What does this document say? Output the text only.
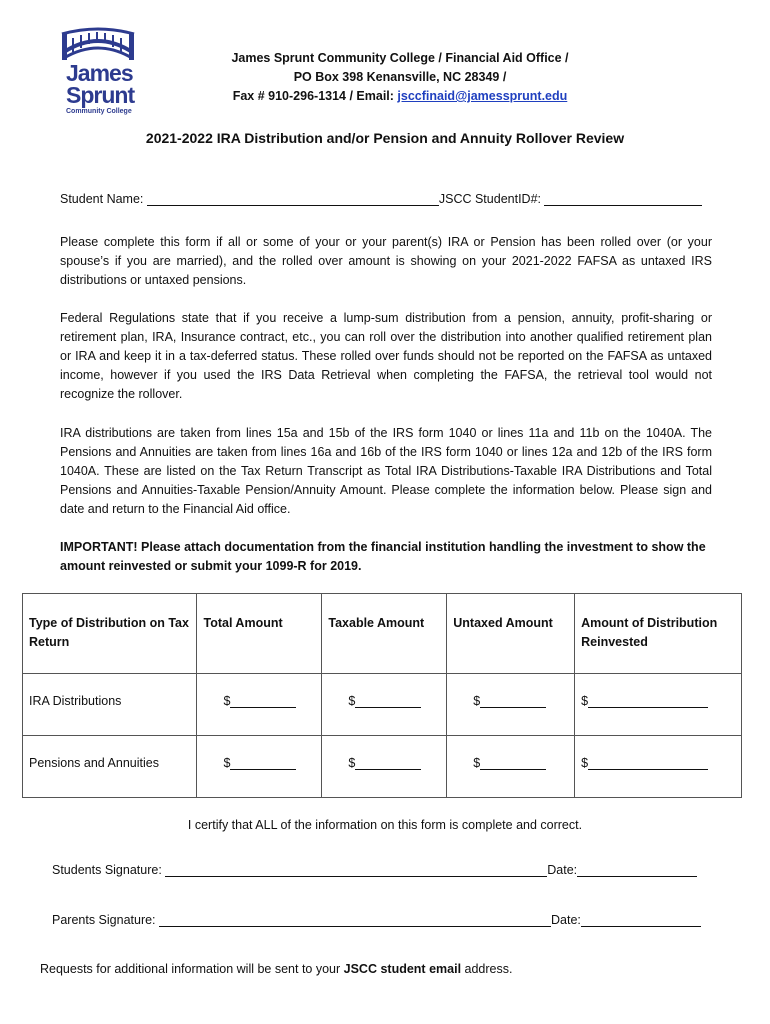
James
Sprunt
Community College
James Sprunt Community College / Financial Aid Office /
PO Box 398 Kenansville, NC 28349 /
Fax # 910-296-1314 / Email: jsccfinaid@jamessprunt.edu
2021-2022 IRA Distribution and/or Pension and Annuity Rollover Review
Student Name:	JSCC StudentID#:
Please complete this form if all or some of your or your parent(s) IRA or Pension has been rolled over (or your spouse’s if you are married), and the rolled over amount is showing on your 2021-2022 FAFSA as untaxed IRS distributions or untaxed pensions.
Federal Regulations state that if you receive a lump-sum distribution from a pension, annuity, profit-sharing or retirement plan, IRA, Insurance contract, etc., you can roll over the distribution into another qualified retirement plan or IRA and keep it in a tax-deferred status. These rolled over funds should not be reported on the FAFSA as untaxed income, however if you used the IRS Data Retrieval when completing the FAFSA, the retrieval tool would not recognize the rollover.
IRA distributions are taken from lines 15a and 15b of the IRS form 1040 or lines 11a and 11b on the 1040A. The Pensions and Annuities are taken from lines 16a and 16b of the IRS form 1040 or lines 12a and 12b of the IRS form 1040A. These are listed on the Tax Return Transcript as Total IRA Distributions-Taxable IRA Distributions and Total Pensions and Annuities-Taxable Pension/Annuity Amount. Please complete the information below. Please sign and date and return to the Financial Aid office.
IMPORTANT! Please attach documentation from the financial institution handling the investment to show the amount reinvested or submit your 1099-R for 2019.
Type of Distribution on Tax Return	Total Amount	Taxable Amount	Untaxed Amount	Amount of Distribution Reinvested
IRA Distributions	$	$	$	$
Pensions and Annuities	$	$	$	$
I certify that ALL of the information on this form is complete and correct.
Students Signature:	Date:
Parents Signature:	Date:
Requests for additional information will be sent to your JSCC student email address.
